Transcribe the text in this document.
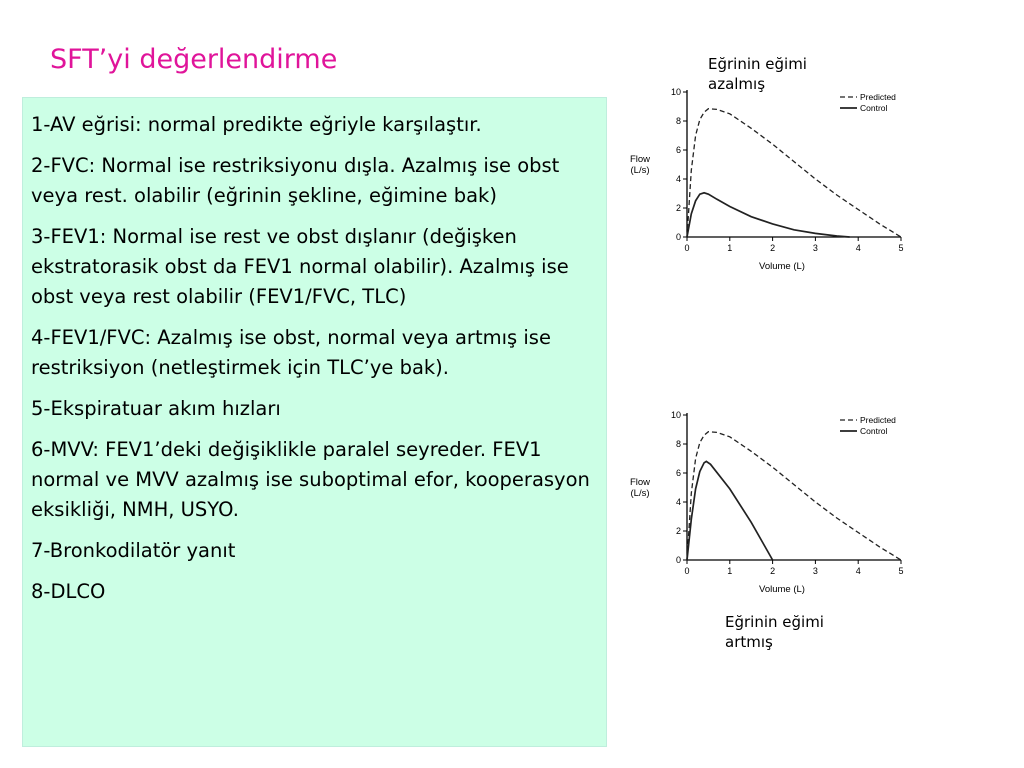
SFT’yi değerlendirme

1-AV eğrisi: normal predikte eğriyle karşılaştır.

2-FVC: Normal ise restriksiyonu dışla. Azalmış ise obst veya rest. olabilir (eğrinin şekline, eğimine bak)

3-FEV1: Normal ise rest ve obst dışlanır (değişken ekstratorasik obst da FEV1 normal olabilir). Azalmış ise obst veya rest olabilir (FEV1/FVC, TLC)

4-FEV1/FVC: Azalmış ise obst, normal veya artmış ise restriksiyon (netleştirmek için TLC’ye bak).

5-Ekspiratuar akım hızları

6-MVV: FEV1’deki değişiklikle paralel seyreder. FEV1 normal ve MVV azalmış ise suboptimal efor, kooperasyon eksikliği, NMH, USYO.

7-Bronkodilatör yanıt

8-DLCO

Eğrinin eğimi
azalmış
Eğrinin eğimi
artmış
0
2
4
6
8
10
0	1	2	3	4	5
Volume (L)
Flow
(L/s)
Predicted
Control
0
2
4
6
8
10
0	1	2	3	4	5
Volume (L)
Flow
(L/s)
Predicted
Control
